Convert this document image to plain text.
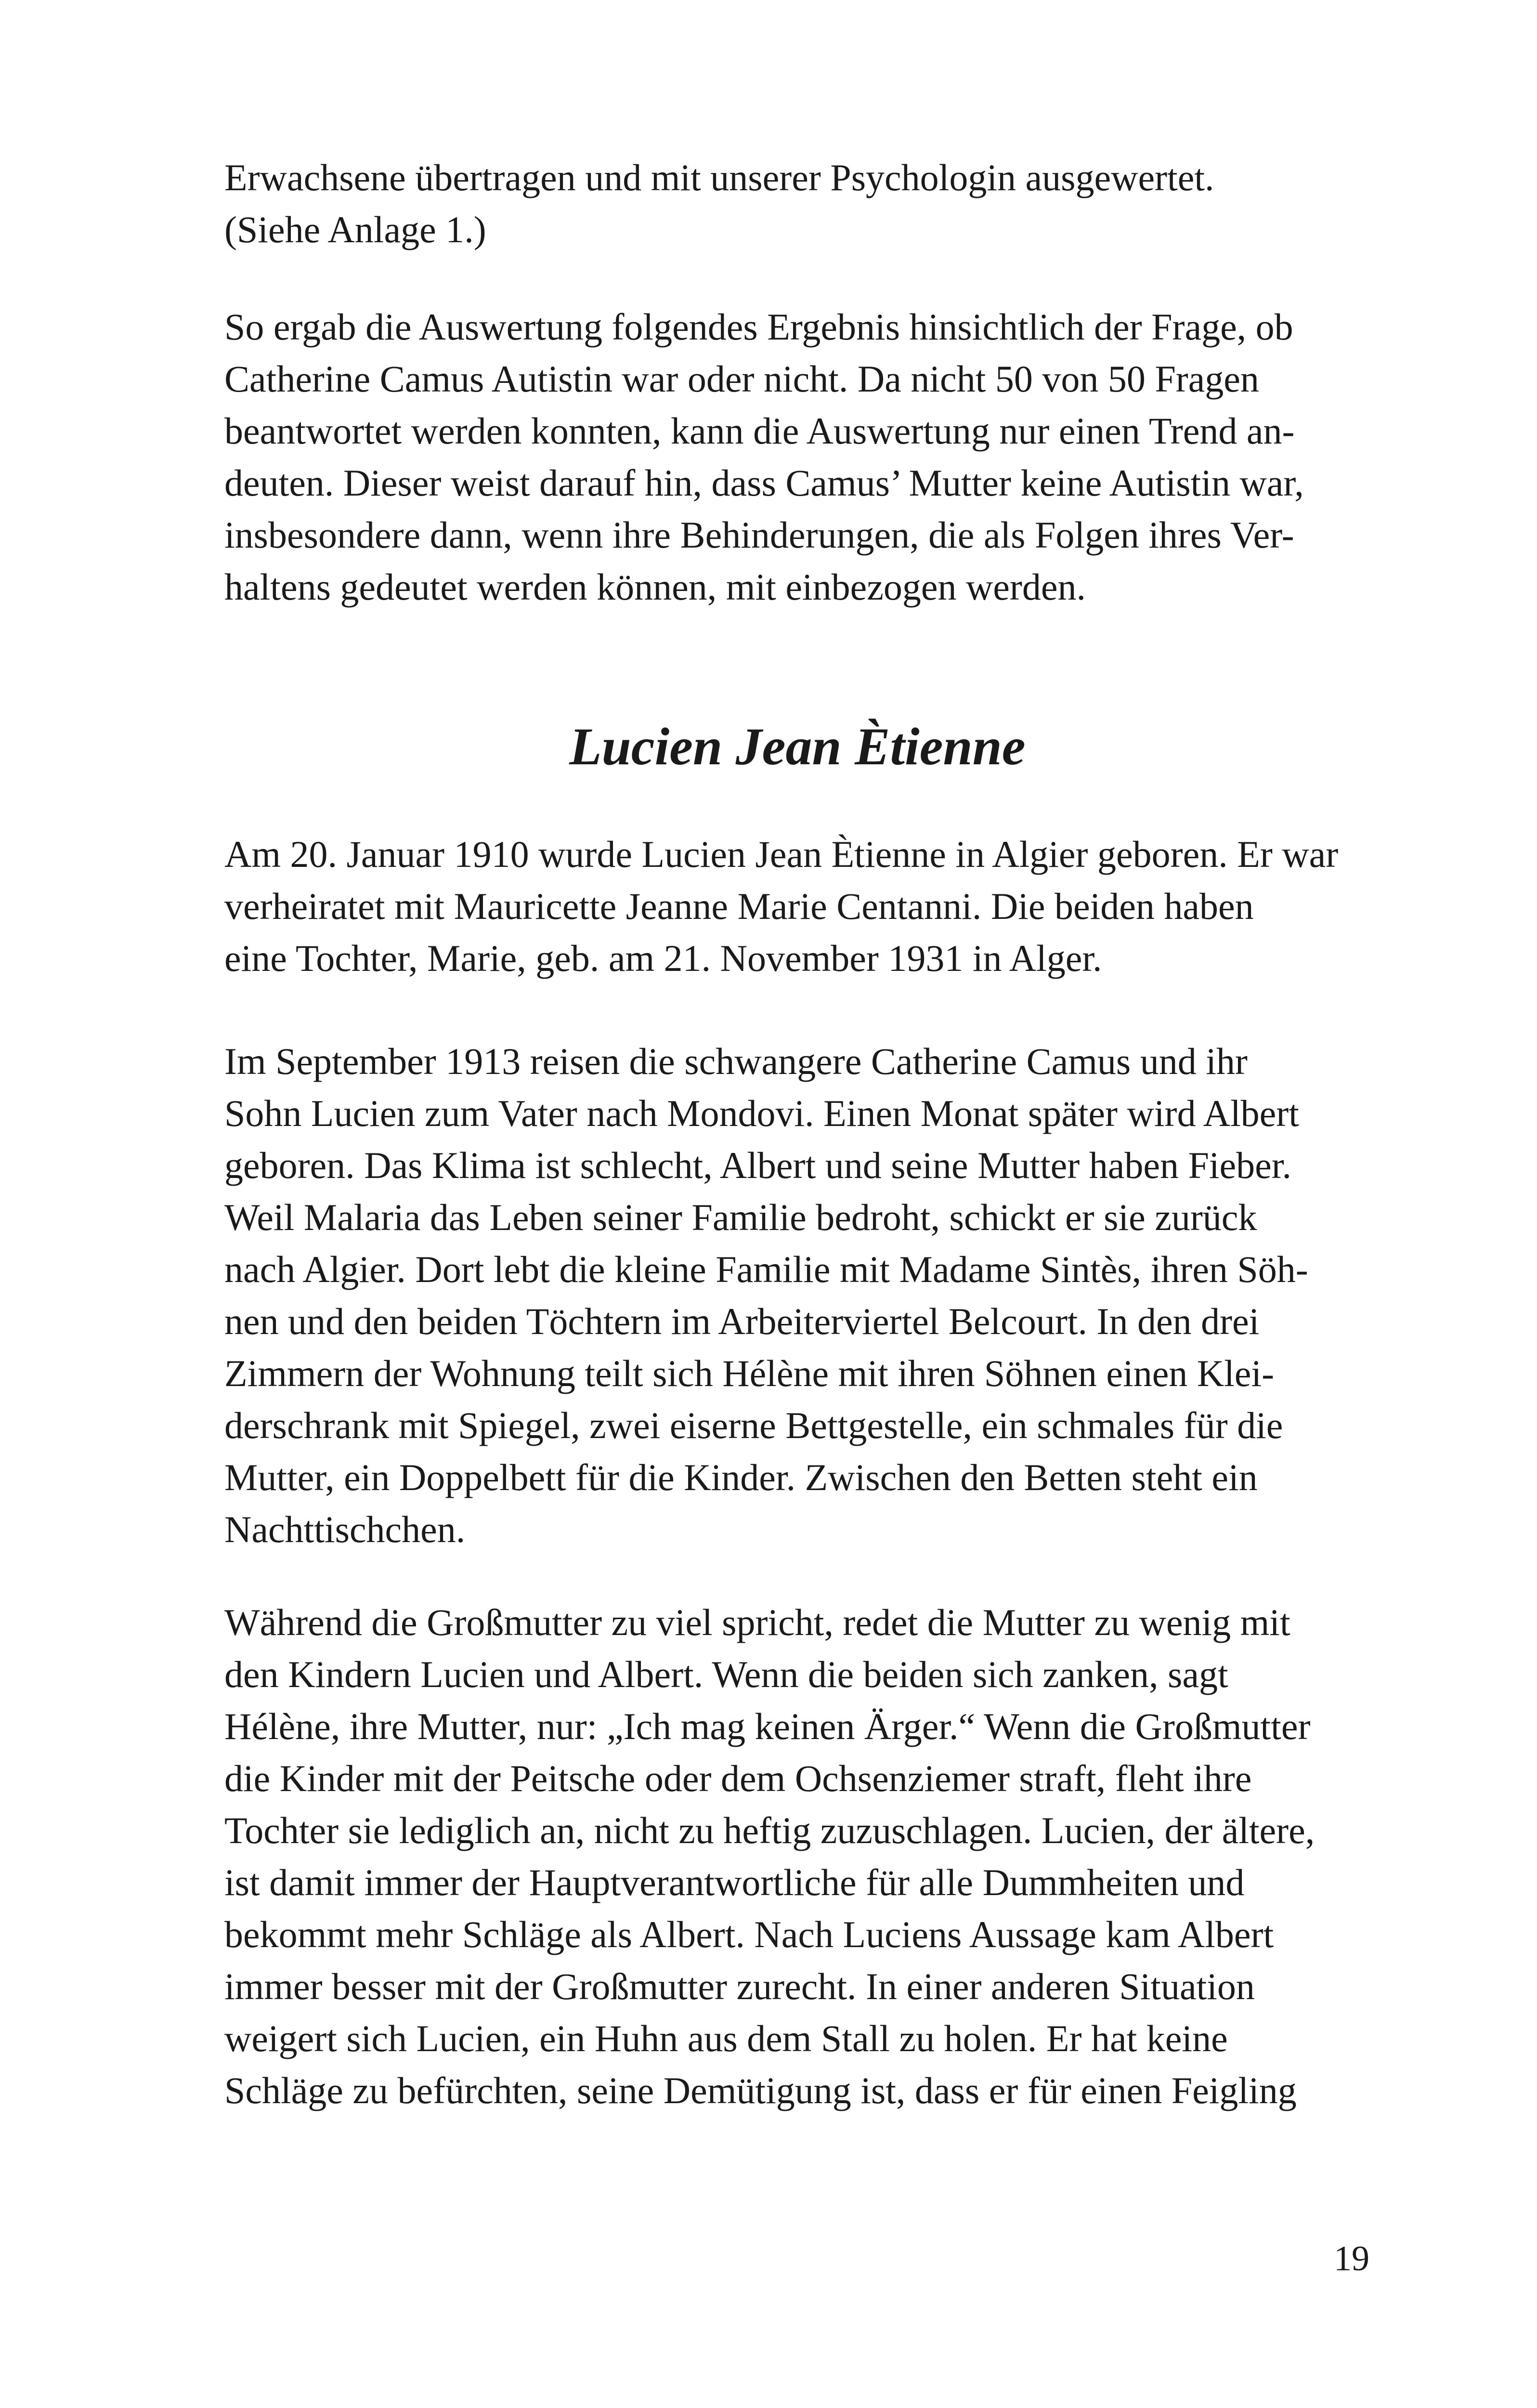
Erwachsene übertragen und mit unserer Psychologin ausgewertet.
(Siehe Anlage 1.)

So ergab die Auswertung folgendes Ergebnis hinsichtlich der Frage, ob
Catherine Camus Autistin war oder nicht. Da nicht 50 von 50 Fragen
beantwortet werden konnten, kann die Auswertung nur einen Trend an-
deuten. Dieser weist darauf hin, dass Camus’ Mutter keine Autistin war,
insbesondere dann, wenn ihre Behinderungen, die als Folgen ihres Ver-
haltens gedeutet werden können, mit einbezogen werden.

Lucien Jean Ètienne

Am 20. Januar 1910 wurde Lucien Jean Ètienne in Algier geboren. Er war
verheiratet mit Mauricette Jeanne Marie Centanni. Die beiden haben
eine Tochter, Marie, geb. am 21. November 1931 in Alger.

Im September 1913 reisen die schwangere Catherine Camus und ihr
Sohn Lucien zum Vater nach Mondovi. Einen Monat später wird Albert
geboren. Das Klima ist schlecht, Albert und seine Mutter haben Fieber.
Weil Malaria das Leben seiner Familie bedroht, schickt er sie zurück
nach Algier. Dort lebt die kleine Familie mit Madame Sintès, ihren Söh-
nen und den beiden Töchtern im Arbeiterviertel Belcourt. In den drei
Zimmern der Wohnung teilt sich Hélène mit ihren Söhnen einen Klei-
derschrank mit Spiegel, zwei eiserne Bettgestelle, ein schmales für die
Mutter, ein Doppelbett für die Kinder. Zwischen den Betten steht ein
Nachttischchen.

Während die Großmutter zu viel spricht, redet die Mutter zu wenig mit
den Kindern Lucien und Albert. Wenn die beiden sich zanken, sagt
Hélène, ihre Mutter, nur: „Ich mag keinen Ärger.“ Wenn die Großmutter
die Kinder mit der Peitsche oder dem Ochsenziemer straft, fleht ihre
Tochter sie lediglich an, nicht zu heftig zuzuschlagen. Lucien, der ältere,
ist damit immer der Hauptverantwortliche für alle Dummheiten und
bekommt mehr Schläge als Albert. Nach Luciens Aussage kam Albert
immer besser mit der Großmutter zurecht. In einer anderen Situation
weigert sich Lucien, ein Huhn aus dem Stall zu holen. Er hat keine
Schläge zu befürchten, seine Demütigung ist, dass er für einen Feigling

19
